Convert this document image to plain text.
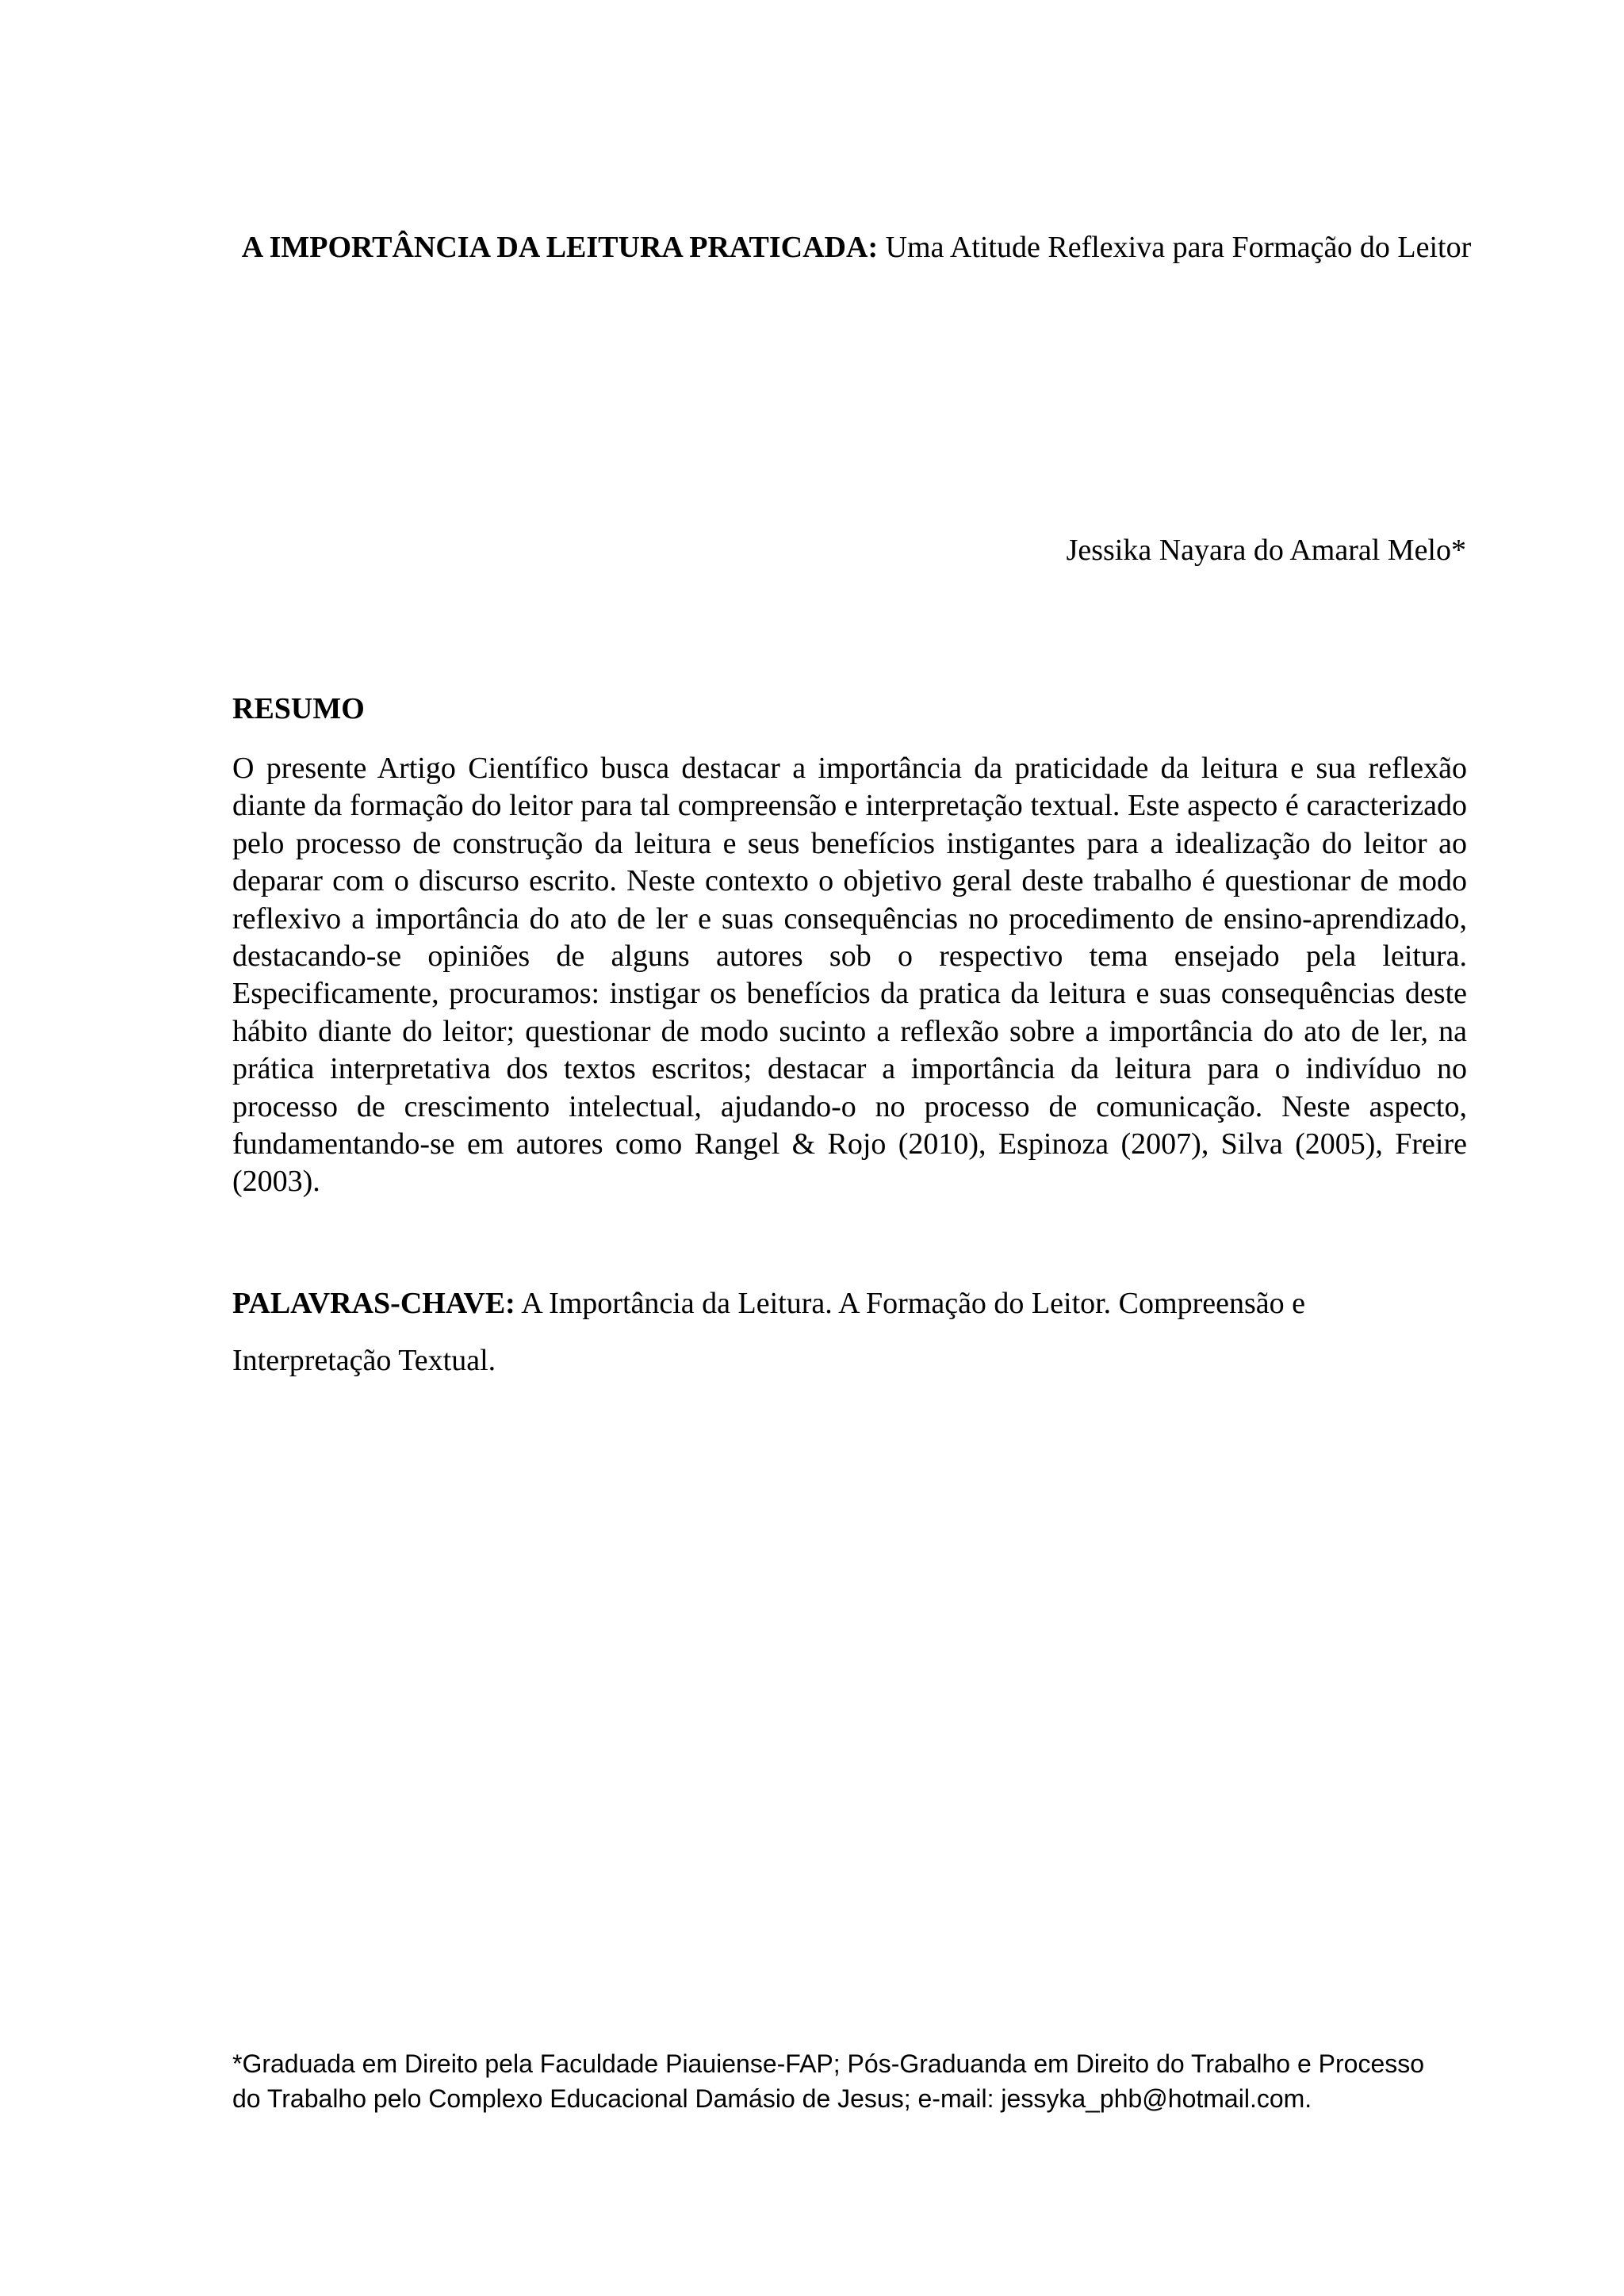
A IMPORTÂNCIA DA LEITURA PRATICADA: Uma Atitude Reflexiva para Formação do Leitor
Jessika Nayara do Amaral Melo*
RESUMO

O presente Artigo Científico busca destacar a importância da praticidade da leitura e sua reflexão diante da formação do leitor para tal compreensão e interpretação textual. Este aspecto é caracterizado pelo processo de construção da leitura e seus benefícios instigantes para a idealização do leitor ao deparar com o discurso escrito. Neste contexto o objetivo geral deste trabalho é questionar de modo reflexivo a importância do ato de ler e suas consequências no procedimento de ensino-aprendizado, destacando-se opiniões de alguns autores sob o respectivo tema ensejado pela leitura. Especificamente, procuramos: instigar os benefícios da pratica da leitura e suas consequências deste hábito diante do leitor; questionar de modo sucinto a reflexão sobre a importância do ato de ler, na prática interpretativa dos textos escritos; destacar a importância da leitura para o indivíduo no processo de crescimento intelectual, ajudando-o no processo de comunicação. Neste aspecto, fundamentando-se em autores como Rangel & Rojo (2010), Espinoza (2007), Silva (2005), Freire (2003).

PALAVRAS-CHAVE: A Importância da Leitura. A Formação do Leitor. Compreensão e Interpretação Textual.

*Graduada em Direito pela Faculdade Piauiense-FAP; Pós-Graduanda em Direito do Trabalho e Processo do Trabalho pelo Complexo Educacional Damásio de Jesus; e-mail: jessyka_phb@hotmail.com.
